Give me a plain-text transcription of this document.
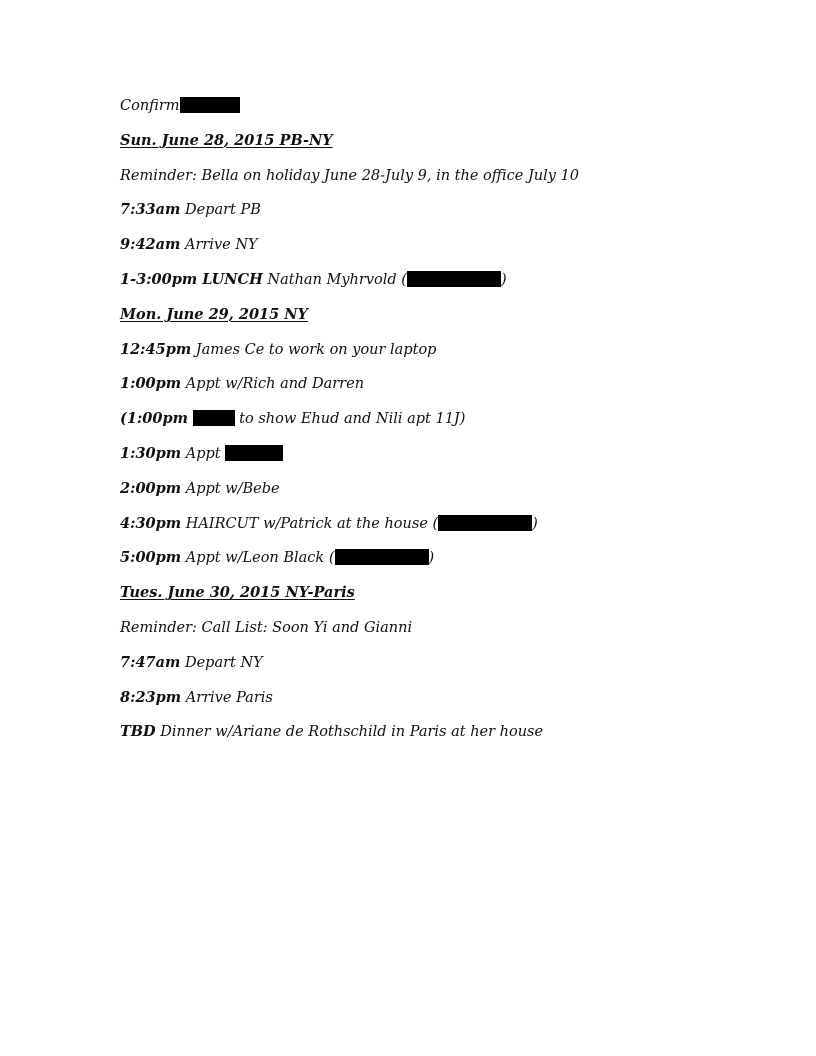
Confirm
Sun. June 28, 2015 PB-NY
Reminder: Bella on holiday June 28-July 9, in the office July 10
7:33am Depart PB
9:42am Arrive NY
1-3:00pm LUNCH Nathan Myhrvold (	)
Mon. June 29, 2015 NY
12:45pm James Ce to work on your laptop
1:00pm Appt w/Rich and Darren
(1:00pm	to show Ehud and Nili apt 11J)
1:30pm Appt
2:00pm Appt w/Bebe
4:30pm HAIRCUT w/Patrick at the house (	)
5:00pm Appt w/Leon Black (	)
Tues. June 30, 2015 NY-Paris
Reminder: Call List: Soon Yi and Gianni
7:47am Depart NY
8:23pm Arrive Paris
TBD Dinner w/Ariane de Rothschild in Paris at her house
